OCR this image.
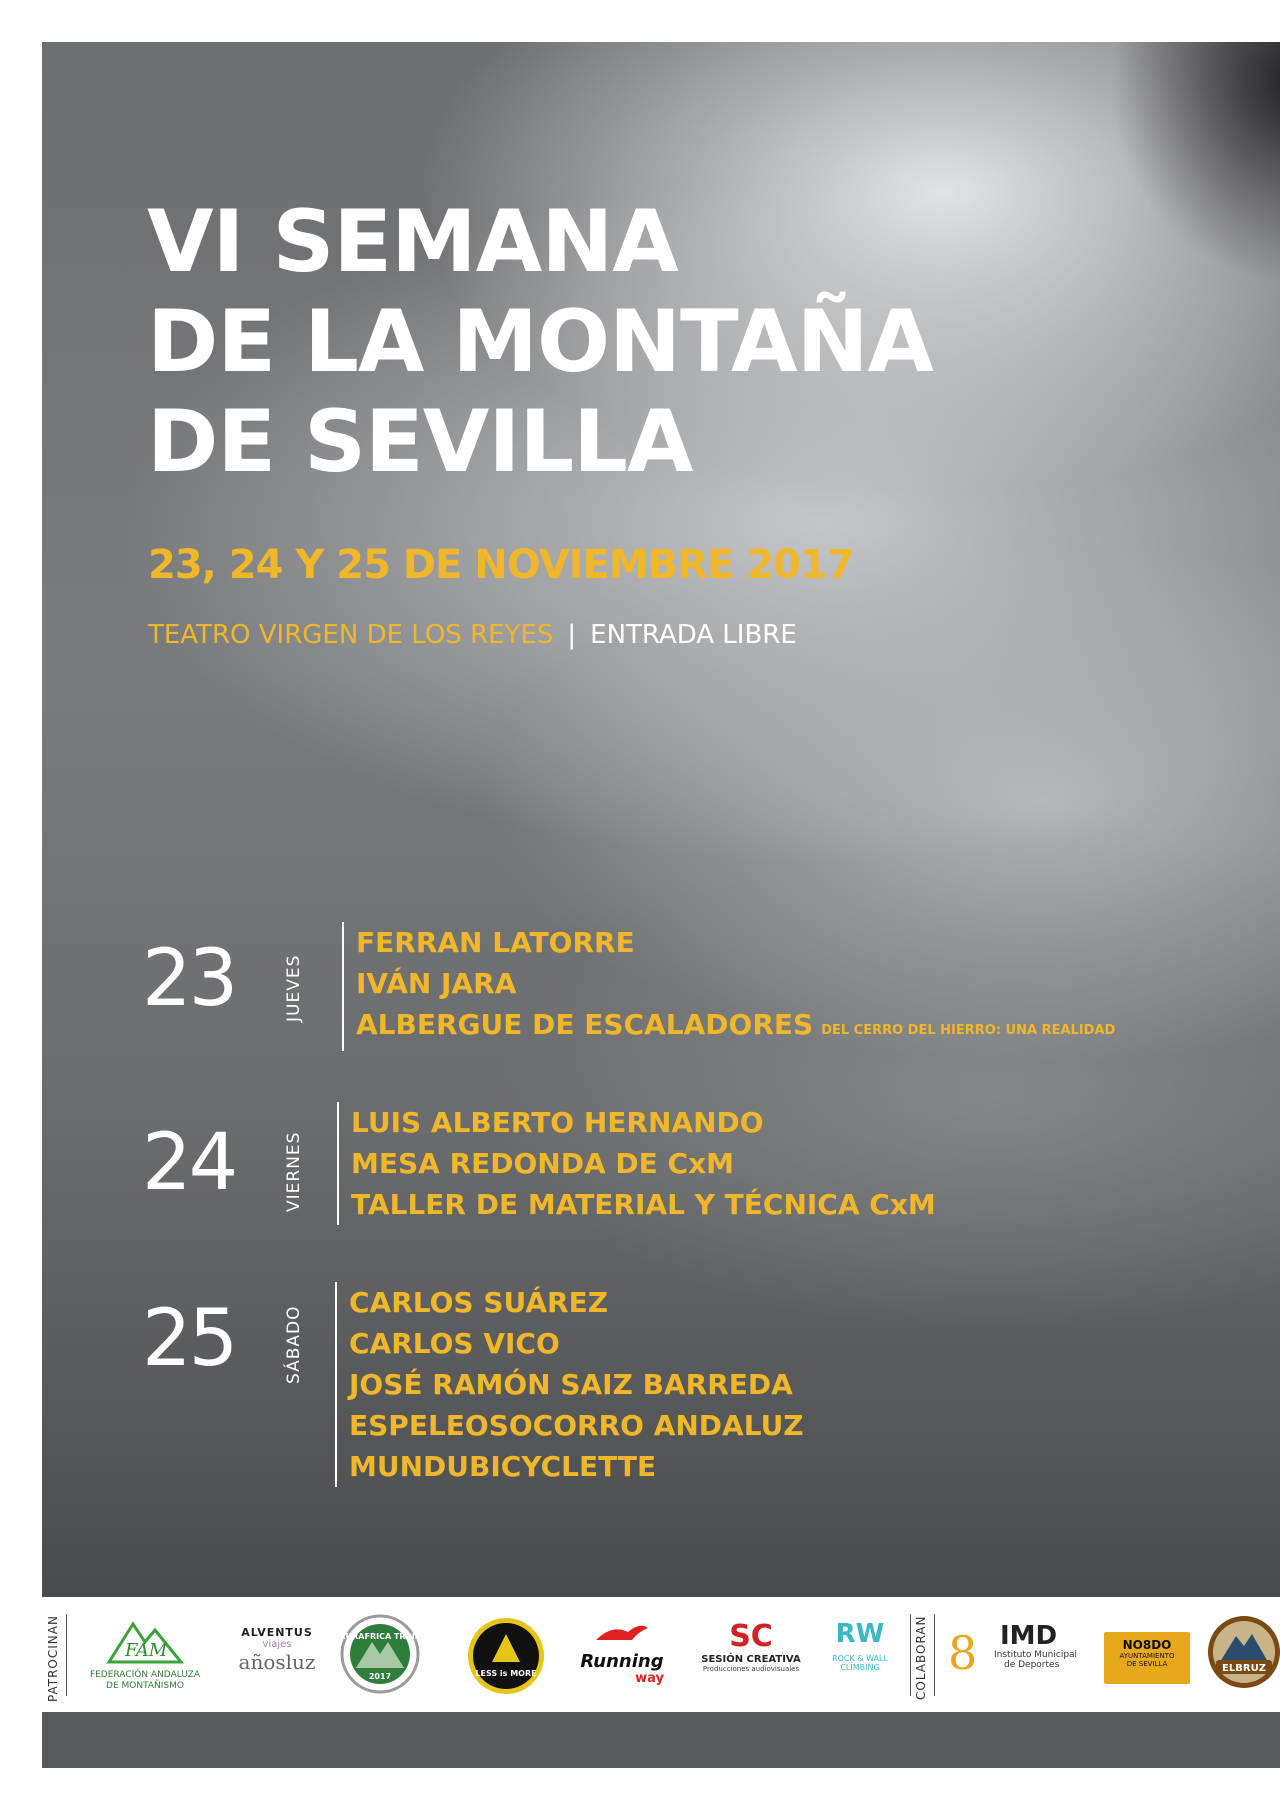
VI SEMANA
DE LA MONTAÑA
DE SEVILLA
23, 24 Y 25 DE NOVIEMBRE 2017
TEATRO VIRGEN DE LOS REYES | ENTRADA LIBRE
23	JUEVES
FERRAN LATORRE
IVÁN JARA
ALBERGUE DE ESCALADORES DEL CERRO DEL HIERRO: UNA REALIDAD
24	VIERNES
LUIS ALBERTO HERNANDO
MESA REDONDA DE CxM
TALLER DE MATERIAL Y TÉCNICA CxM
25	SÁBADO
CARLOS SUÁREZ
CARLOS VICO
JOSÉ RAMÓN SAIZ BARREDA
ESPELEOSOCORRO ANDALUZ
MUNDUBICYCLETTE
PATROCINAN	FAM
FEDERACIÓN ANDALUZA
DE MONTAÑISMO
ALVENTUS
viajes
añosluz
EURAFRICA TRAIL
2017	LESS is MORE
Running
way
SC
SESIÓN CREATIVA
Producciones audiovisuales
RW
ROCK & WALL
CLIMBING	COLABORAN 8 IMD
Instituto Municipal
de Deportes
NO8DO
AYUNTAMIENTO
DE SEVILLA	ELBRUZ
